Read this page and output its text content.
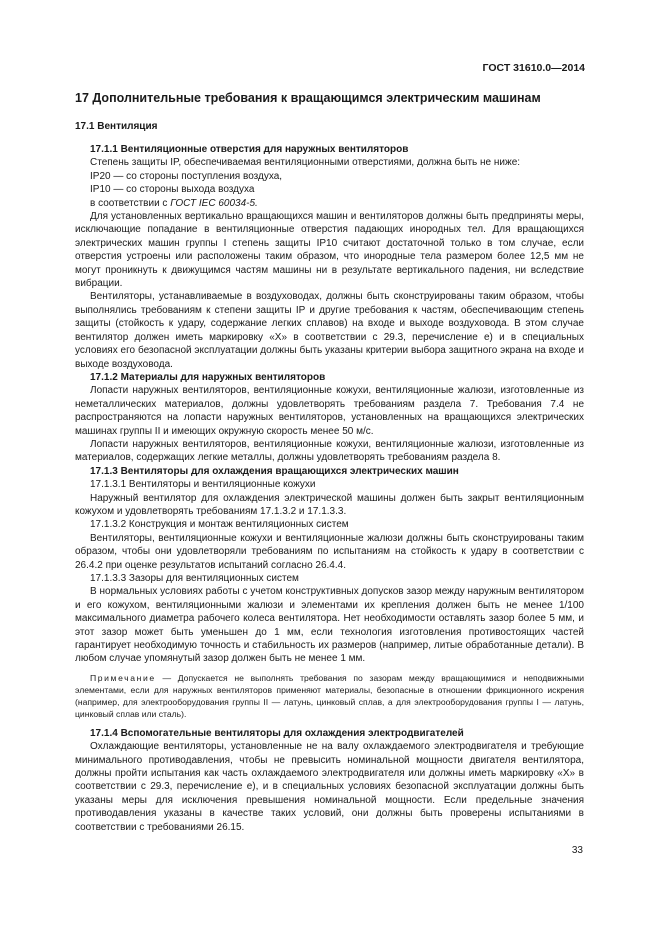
ГОСТ 31610.0—2014
17 Дополнительные требования к вращающимся электрическим машинам
17.1 Вентиляция

17.1.1 Вентиляционные отверстия для наружных вентиляторов

Степень защиты IP, обеспечиваемая вентиляционными отверстиями, должна быть не ниже:

IP20 — со стороны поступления воздуха,

IP10 — со стороны выхода воздуха

в соответствии с ГОСТ IEC 60034-5.

Для установленных вертикально вращающихся машин и вентиляторов должны быть предприняты меры, исключающие попадание в вентиляционные отверстия падающих инородных тел. Для вращающихся электрических машин группы I степень защиты IP10 считают достаточной только в том случае, если отверстия устроены или расположены таким образом, что инородные тела размером более 12,5 мм не могут проникнуть к движущимся частям машины ни в результате вертикального падения, ни вследствие вибрации.

Вентиляторы, устанавливаемые в воздуховодах, должны быть сконструированы таким образом, чтобы выполнялись требованиям к степени защиты IP и другие требования к частям, обеспечивающим степень защиты (стойкость к удару, содержание легких сплавов) на входе и выходе воздуховода. В этом случае вентилятор должен иметь маркировку «X» в соответствии с 29.3, перечисление е) и в специальных условиях его безопасной эксплуатации должны быть указаны критерии выбора защитного экрана на входе и выходе воздуховода.

17.1.2 Материалы для наружных вентиляторов

Лопасти наружных вентиляторов, вентиляционные кожухи, вентиляционные жалюзи, изготовленные из неметаллических материалов, должны удовлетворять требованиям раздела 7. Требования 7.4 не распространяются на лопасти наружных вентиляторов, установленных на вращающихся электрических машинах группы II и имеющих окружную скорость менее 50 м/с.

Лопасти наружных вентиляторов, вентиляционные кожухи, вентиляционные жалюзи, изготовленные из материалов, содержащих легкие металлы, должны удовлетворять требованиям раздела 8.

17.1.3 Вентиляторы для охлаждения вращающихся электрических машин

17.1.3.1 Вентиляторы и вентиляционные кожухи

Наружный вентилятор для охлаждения электрической машины должен быть закрыт вентиляционным кожухом и удовлетворять требованиям 17.1.3.2 и 17.1.3.3.

17.1.3.2 Конструкция и монтаж вентиляционных систем

Вентиляторы, вентиляционные кожухи и вентиляционные жалюзи должны быть сконструированы таким образом, чтобы они удовлетворяли требованиям по испытаниям на стойкость к удару в соответствии с 26.4.2 при оценке результатов испытаний согласно 26.4.4.

17.1.3.3 Зазоры для вентиляционных систем

В нормальных условиях работы с учетом конструктивных допусков зазор между наружным вентилятором и его кожухом, вентиляционными жалюзи и элементами их крепления должен быть не менее 1/100 максимального диаметра рабочего колеса вентилятора. Нет необходимости оставлять зазор более 5 мм, и этот зазор может быть уменьшен до 1 мм, если технология изготовления противостоящих частей гарантирует необходимую точность и стабильность их размеров (например, литые обработанные детали). В любом случае упомянутый зазор должен быть не менее 1 мм.

Примечание — Допускается не выполнять требования по зазорам между вращающимися и неподвижными элементами, если для наружных вентиляторов применяют материалы, безопасные в отношении фрикционного искрения (например, для электрооборудования группы II — латунь, цинковый сплав, а для электрооборудования группы I — латунь, цинковый сплав или сталь).

17.1.4 Вспомогательные вентиляторы для охлаждения электродвигателей

Охлаждающие вентиляторы, установленные не на валу охлаждаемого электродвигателя и требующие минимального противодавления, чтобы не превысить номинальной мощности двигателя вентилятора, должны пройти испытания как часть охлаждаемого электродвигателя или должны иметь маркировку «X» в соответствии с 29.3, перечисление е), и в специальных условиях безопасной эксплуатации должны быть указаны меры для исключения превышения номинальной мощности. Если предельные значения противодавления указаны в качестве таких условий, они должны быть проверены испытаниями в соответствии с требованиями 26.15.

33
